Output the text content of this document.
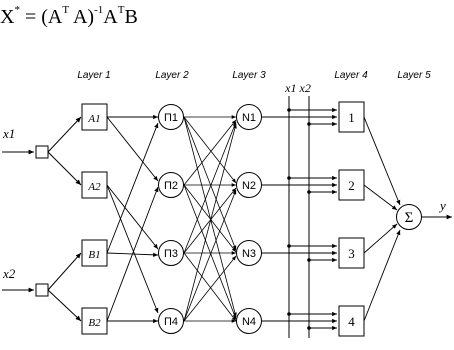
$X^* = (A^T$ $A)^{-1}A^TB$
Layer 1	Layer 2	Layer 3	Layer 4	Layer 5
x1 x2
x1
x2
A1
A2
B1
B2
Π1
Π2
Π3
Π4
N1
N2
N3
N4
1
2
3
4
Σ
y
